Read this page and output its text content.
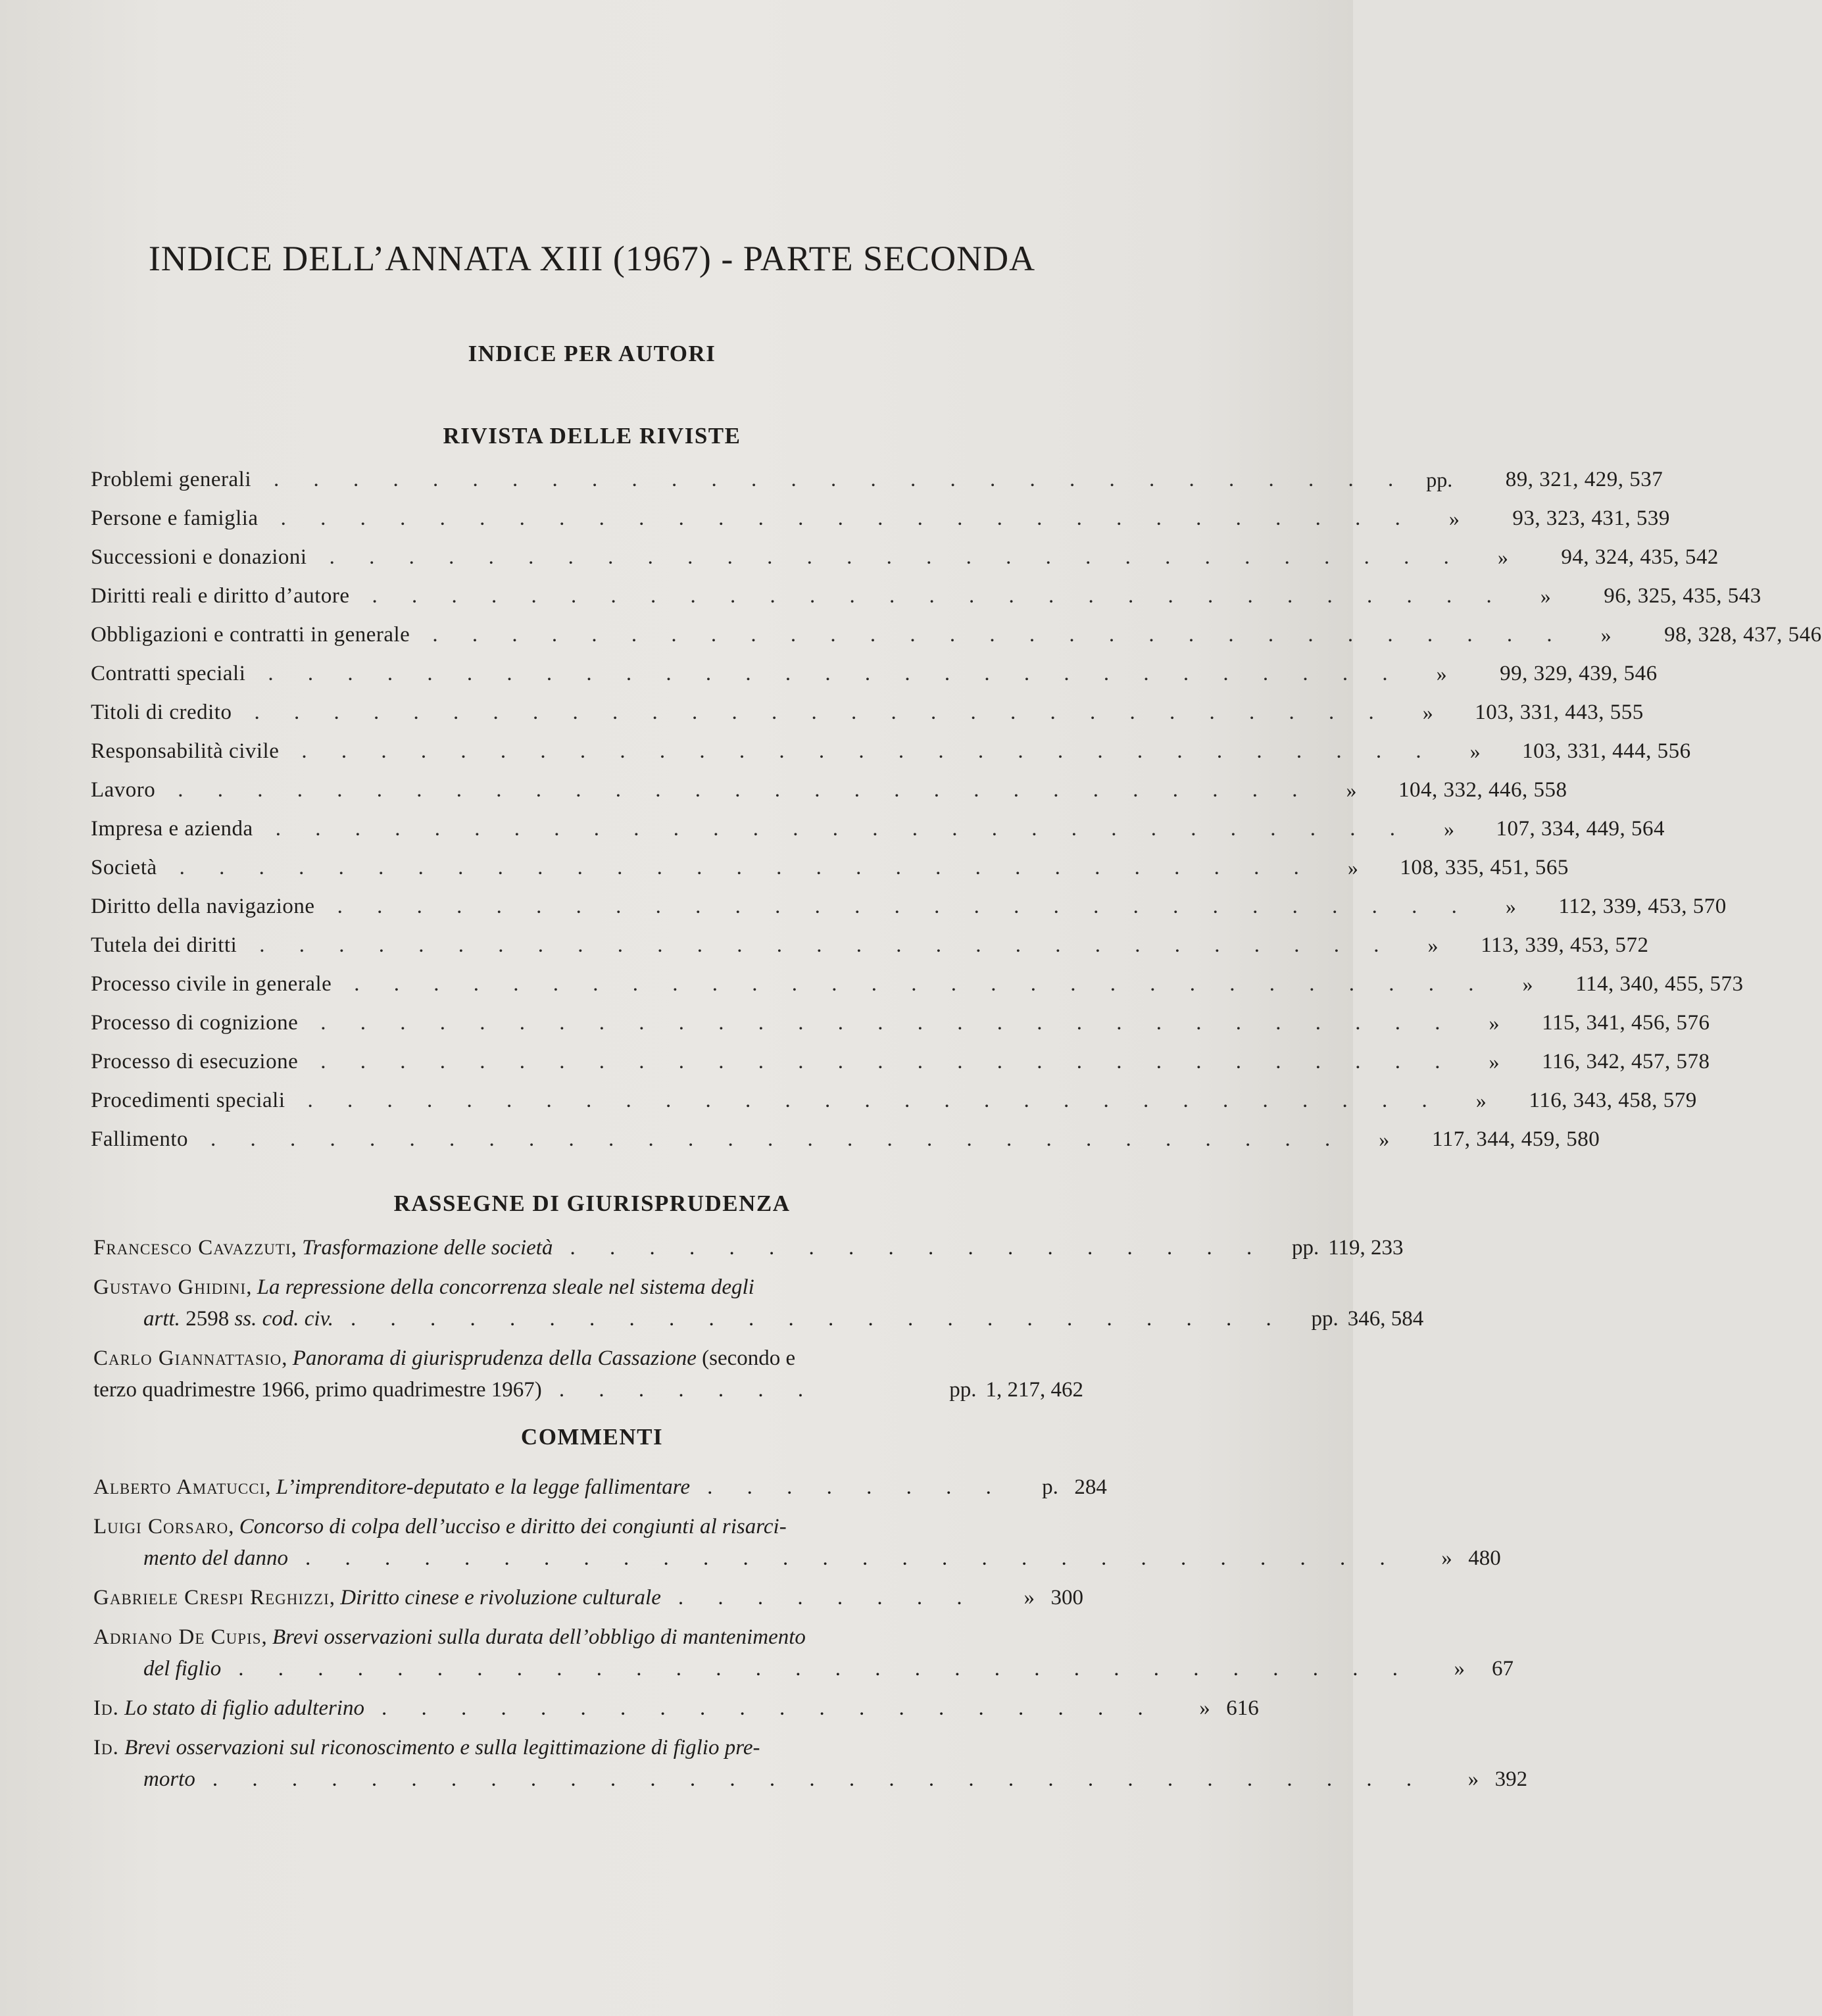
INDICE DELL’ANNATA XIII (1967) - PARTE SECONDA
INDICE PER AUTORI
RIVISTA DELLE RIVISTE
Problemi generali	. . . . . . . . . . . . . . . . . . . . . . . . . . . . . pp.	89, 321, 429, 537
Persone e famiglia	. . . . . . . . . . . . . . . . . . . . . . . . . . . . .	»	93, 323, 431, 539
Successioni e donazioni	. . . . . . . . . . . . . . . . . . . . . . . . . . . . .	»	94, 324, 435, 542
Diritti reali e diritto d’autore	. . . . . . . . . . . . . . . . . . . . . . . . . . . . .	»	96, 325, 435, 543
Obbligazioni e contratti in generale	. . . . . . . . . . . . . . . . . . . . . . . . . . . . .	»	98, 328, 437, 546
Contratti speciali	. . . . . . . . . . . . . . . . . . . . . . . . . . . . .	»	99, 329, 439, 546
Titoli di credito	. . . . . . . . . . . . . . . . . . . . . . . . . . . . .	»	103, 331, 443, 555
Responsabilità civile	. . . . . . . . . . . . . . . . . . . . . . . . . . . . .	»	103, 331, 444, 556
Lavoro	. . . . . . . . . . . . . . . . . . . . . . . . . . . . .	»	104, 332, 446, 558
Impresa e azienda	. . . . . . . . . . . . . . . . . . . . . . . . . . . . .	»	107, 334, 449, 564
Società	. . . . . . . . . . . . . . . . . . . . . . . . . . . . .	»	108, 335, 451, 565
Diritto della navigazione	. . . . . . . . . . . . . . . . . . . . . . . . . . . . .	»	112, 339, 453, 570
Tutela dei diritti	. . . . . . . . . . . . . . . . . . . . . . . . . . . . .	»	113, 339, 453, 572
Processo civile in generale	. . . . . . . . . . . . . . . . . . . . . . . . . . . . .	»	114, 340, 455, 573
Processo di cognizione	. . . . . . . . . . . . . . . . . . . . . . . . . . . . .	»	115, 341, 456, 576
Processo di esecuzione	. . . . . . . . . . . . . . . . . . . . . . . . . . . . .	»	116, 342, 457, 578
Procedimenti speciali	. . . . . . . . . . . . . . . . . . . . . . . . . . . . .	»	116, 343, 458, 579
Fallimento	. . . . . . . . . . . . . . . . . . . . . . . . . . . . .	»	117, 344, 459, 580
RASSEGNE DI GIURISPRUDENZA
Francesco Cavazzuti, Trasformazione delle società . . . . . . . . . . . . . . . . . .	pp. 119, 233
Gustavo Ghidini, La repressione della concorrenza sleale nel sistema degli
artt. 2598 ss. cod. civ. . . . . . . . . . . . . . . . . . . . . . . . .	pp. 346, 584
Carlo Giannattasio, Panorama di giurisprudenza della Cassazione (secondo e
terzo quadrimestre 1966, primo quadrimestre 1967) . . . . . . .	pp. 1, 217, 462
COMMENTI
Alberto Amatucci, L’imprenditore-deputato e la legge fallimentare . . . . . . . .	p. 284
Luigi Corsaro, Concorso di colpa dell’ucciso e diritto dei congiunti al risarci-
mento del danno . . . . . . . . . . . . . . . . . . . . . . . . . . . .	» 480
Gabriele Crespi Reghizzi, Diritto cinese e rivoluzione culturale . . . . . . . .	» 300
Adriano De Cupis, Brevi osservazioni sulla durata dell’obbligo di mantenimento
del figlio . . . . . . . . . . . . . . . . . . . . . . . . . . . . . .	» 67
Id. Lo stato di figlio adulterino . . . . . . . . . . . . . . . . . . . .	» 616
Id. Brevi osservazioni sul riconoscimento e sulla legittimazione di figlio pre-
morto . . . . . . . . . . . . . . . . . . . . . . . . . . . . . . .	» 392
